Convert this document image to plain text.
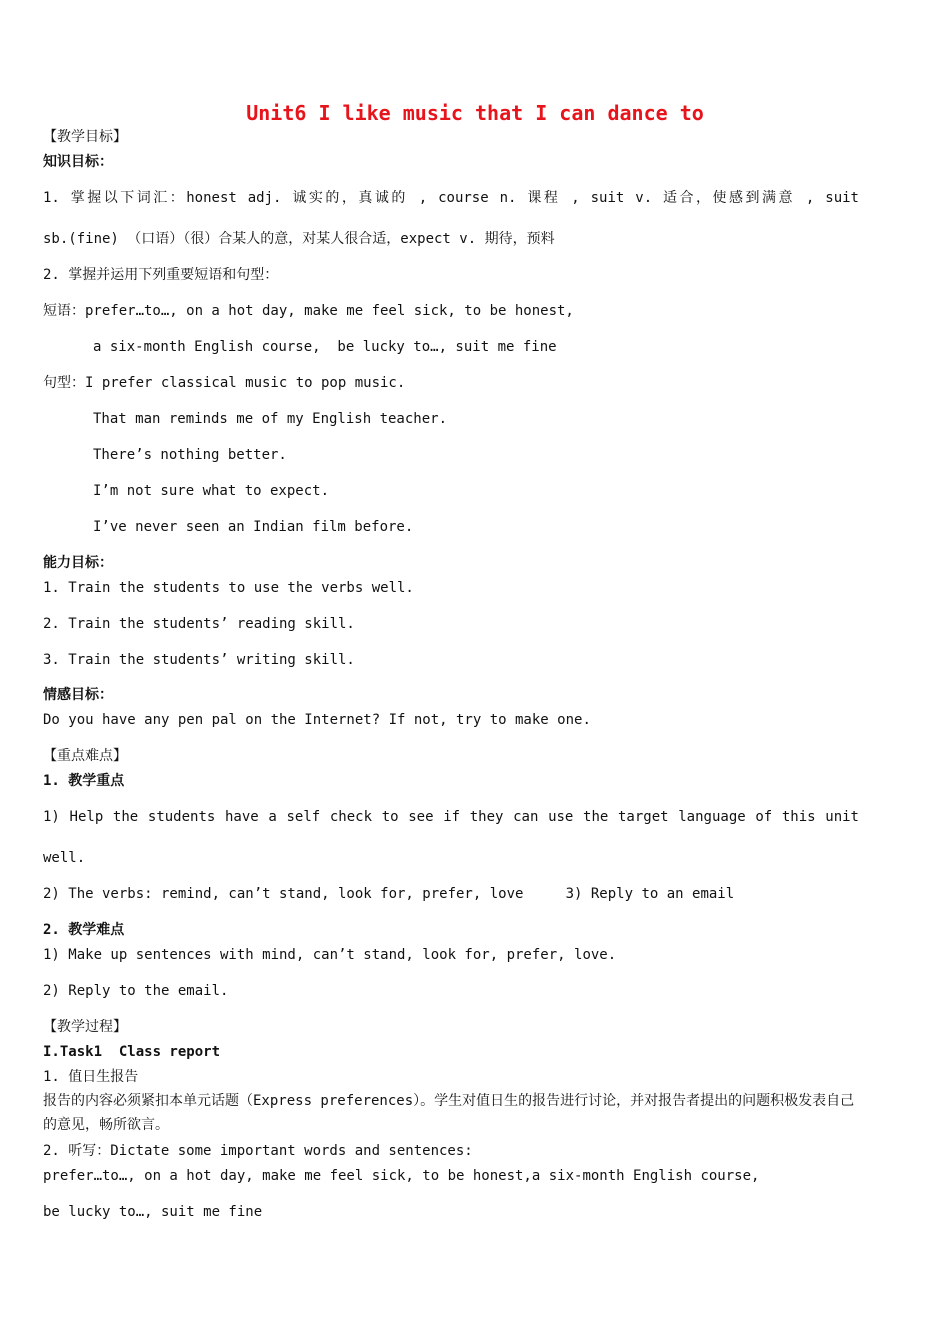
Unit6 I like music that I can dance to
【教学目标】
知识目标：
1. 掌握以下词汇：honest adj. 诚实的，真诚的 , course n. 课程 , suit v. 适合，使感到满意 , suit
sb.(fine) （口语）（很）合某人的意，对某人很合适，expect v. 期待，预料
2. 掌握并运用下列重要短语和句型：
短语：prefer…to…, on a hot day, make me feel sick, to be honest,
a six-month English course,  be lucky to…, suit me fine
句型：I prefer classical music to pop music.
That man reminds me of my English teacher.
There’s nothing better.
I’m not sure what to expect.
I’ve never seen an Indian film before.
能力目标：
1. Train the students to use the verbs well.
2. Train the students’ reading skill.
3. Train the students’ writing skill.
情感目标：
Do you have any pen pal on the Internet? If not, try to make one.
【重点难点】
1. 教学重点
1) Help the students have a self check to see if they can use the target language of this unit
well.
2) The verbs: remind, can’t stand, look for, prefer, love     3) Reply to an email
2. 教学难点
1) Make up sentences with mind, can’t stand, look for, prefer, love.
2) Reply to the email.
【教学过程】
I.Task1  Class report
1. 值日生报告
报告的内容必须紧扣本单元话题（Express preferences）。学生对值日生的报告进行讨论，并对报告者提出的问题积极发表自己的意见，畅所欲言。
2. 听写：Dictate some important words and sentences:
prefer…to…, on a hot day, make me feel sick, to be honest,a six-month English course,
be lucky to…, suit me fine
